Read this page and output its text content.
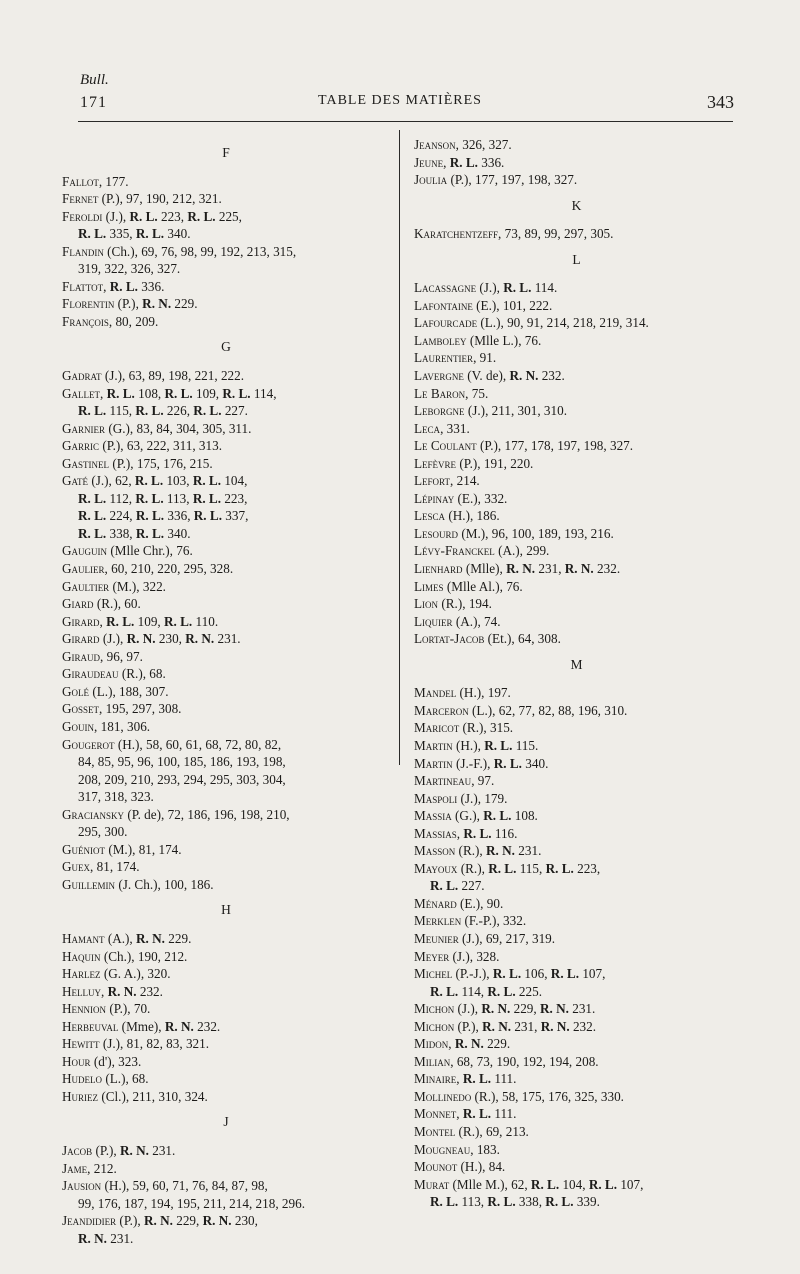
Bull.
171	TABLE DES MATIÈRES	343
F
Fallot, 177.
Fernet (P.), 97, 190, 212, 321.
Feroldi (J.), R. L. 223, R. L. 225,
R. L. 335, R. L. 340.
Flandin (Ch.), 69, 76, 98, 99, 192, 213, 315,
319, 322, 326, 327.
Flattot, R. L. 336.
Florentin (P.), R. N. 229.
François, 80, 209.
G
Gadrat (J.), 63, 89, 198, 221, 222.
Gallet, R. L. 108, R. L. 109, R. L. 114,
R. L. 115, R. L. 226, R. L. 227.
Garnier (G.), 83, 84, 304, 305, 311.
Garric (P.), 63, 222, 311, 313.
Gastinel (P.), 175, 176, 215.
Gaté (J.), 62, R. L. 103, R. L. 104,
R. L. 112, R. L. 113, R. L. 223,
R. L. 224, R. L. 336, R. L. 337,
R. L. 338, R. L. 340.
Gauguin (Mlle Chr.), 76.
Gaulier, 60, 210, 220, 295, 328.
Gaultier (M.), 322.
Giard (R.), 60.
Girard, R. L. 109, R. L. 110.
Girard (J.), R. N. 230, R. N. 231.
Giraud, 96, 97.
Giraudeau (R.), 68.
Golé (L.), 188, 307.
Gosset, 195, 297, 308.
Gouin, 181, 306.
Gougerot (H.), 58, 60, 61, 68, 72, 80, 82,
84, 85, 95, 96, 100, 185, 186, 193, 198,
208, 209, 210, 293, 294, 295, 303, 304,
317, 318, 323.
Graciansky (P. de), 72, 186, 196, 198, 210,
295, 300.
Guéniot (M.), 81, 174.
Guex, 81, 174.
Guillemin (J. Ch.), 100, 186.
H
Hamant (A.), R. N. 229.
Haquin (Ch.), 190, 212.
Harlez (G. A.), 320.
Helluy, R. N. 232.
Hennion (P.), 70.
Herbeuval (Mme), R. N. 232.
Hewitt (J.), 81, 82, 83, 321.
Hour (d'), 323.
Hudelo (L.), 68.
Huriez (Cl.), 211, 310, 324.
J
Jacob (P.), R. N. 231.
Jame, 212.
Jausion (H.), 59, 60, 71, 76, 84, 87, 98,
99, 176, 187, 194, 195, 211, 214, 218, 296.
Jeandidier (P.), R. N. 229, R. N. 230,
R. N. 231.
Jeanson, 326, 327.
Jeune, R. L. 336.
Joulia (P.), 177, 197, 198, 327.
K
Karatchentzeff, 73, 89, 99, 297, 305.
L
Lacassagne (J.), R. L. 114.
Lafontaine (E.), 101, 222.
Lafourcade (L.), 90, 91, 214, 218, 219, 314.
Lamboley (Mlle L.), 76.
Laurentier, 91.
Lavergne (V. de), R. N. 232.
Le Baron, 75.
Leborgne (J.), 211, 301, 310.
Leca, 331.
Le Coulant (P.), 177, 178, 197, 198, 327.
Lefèvre (P.), 191, 220.
Lefort, 214.
Lépinay (E.), 332.
Lesca (H.), 186.
Lesourd (M.), 96, 100, 189, 193, 216.
Lévy-Franckel (A.), 299.
Lienhard (Mlle), R. N. 231, R. N. 232.
Limes (Mlle Al.), 76.
Lion (R.), 194.
Liquier (A.), 74.
Lortat-Jacob (Et.), 64, 308.
M
Mandel (H.), 197.
Marceron (L.), 62, 77, 82, 88, 196, 310.
Maricot (R.), 315.
Martin (H.), R. L. 115.
Martin (J.-F.), R. L. 340.
Martineau, 97.
Maspoli (J.), 179.
Massia (G.), R. L. 108.
Massias, R. L. 116.
Masson (R.), R. N. 231.
Mayoux (R.), R. L. 115, R. L. 223,
R. L. 227.
Ménard (E.), 90.
Merklen (F.-P.), 332.
Meunier (J.), 69, 217, 319.
Meyer (J.), 328.
Michel (P.-J.), R. L. 106, R. L. 107,
R. L. 114, R. L. 225.
Michon (J.), R. N. 229, R. N. 231.
Michon (P.), R. N. 231, R. N. 232.
Midon, R. N. 229.
Milian, 68, 73, 190, 192, 194, 208.
Minaire, R. L. 111.
Mollinedo (R.), 58, 175, 176, 325, 330.
Monnet, R. L. 111.
Montel (R.), 69, 213.
Mougneau, 183.
Mounot (H.), 84.
Murat (Mlle M.), 62, R. L. 104, R. L. 107,
R. L. 113, R. L. 338, R. L. 339.
